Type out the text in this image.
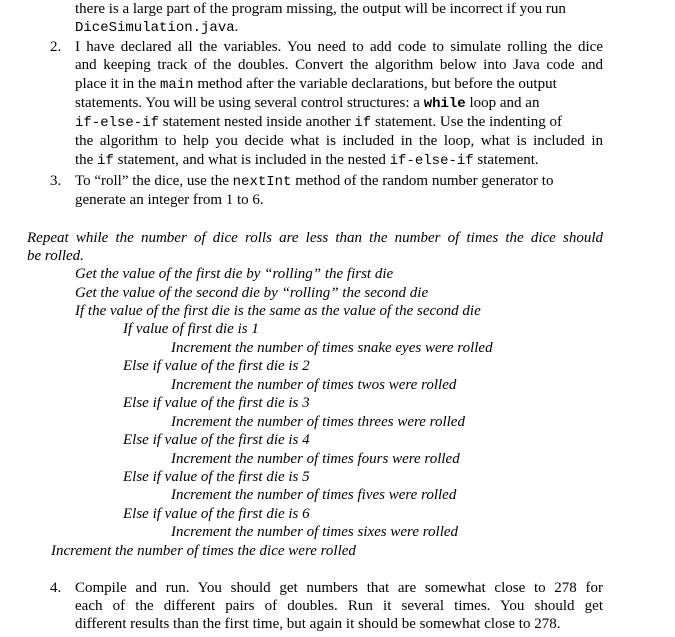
there is a large part of the program missing, the output will be incorrect if you run
DiceSimulation.java.
2. I have declared all the variables. You need to add code to simulate rolling the dice
and keeping track of the doubles. Convert the algorithm below into Java code and
place it in the main method after the variable declarations, but before the output
statements. You will be using several control structures: a while loop and an
if-else-if statement nested inside another if statement. Use the indenting of
the algorithm to help you decide what is included in the loop, what is included in
the if statement, and what is included in the nested if-else-if statement.
3. To “roll” the dice, use the nextInt method of the random number generator to
generate an integer from 1 to 6.
Repeat while the number of dice rolls are less than the number of times the dice should
be rolled.
Get the value of the first die by “rolling” the first die
Get the value of the second die by “rolling” the second die
If the value of the first die is the same as the value of the second die
If value of first die is 1
Increment the number of times snake eyes were rolled
Else if value of the first die is 2
Increment the number of times twos were rolled
Else if value of the first die is 3
Increment the number of times threes were rolled
Else if value of the first die is 4
Increment the number of times fours were rolled
Else if value of the first die is 5
Increment the number of times fives were rolled
Else if value of the first die is 6
Increment the number of times sixes were rolled
Increment the number of times the dice were rolled
4. Compile and run. You should get numbers that are somewhat close to 278 for
each of the different pairs of doubles. Run it several times. You should get
different results than the first time, but again it should be somewhat close to 278.
